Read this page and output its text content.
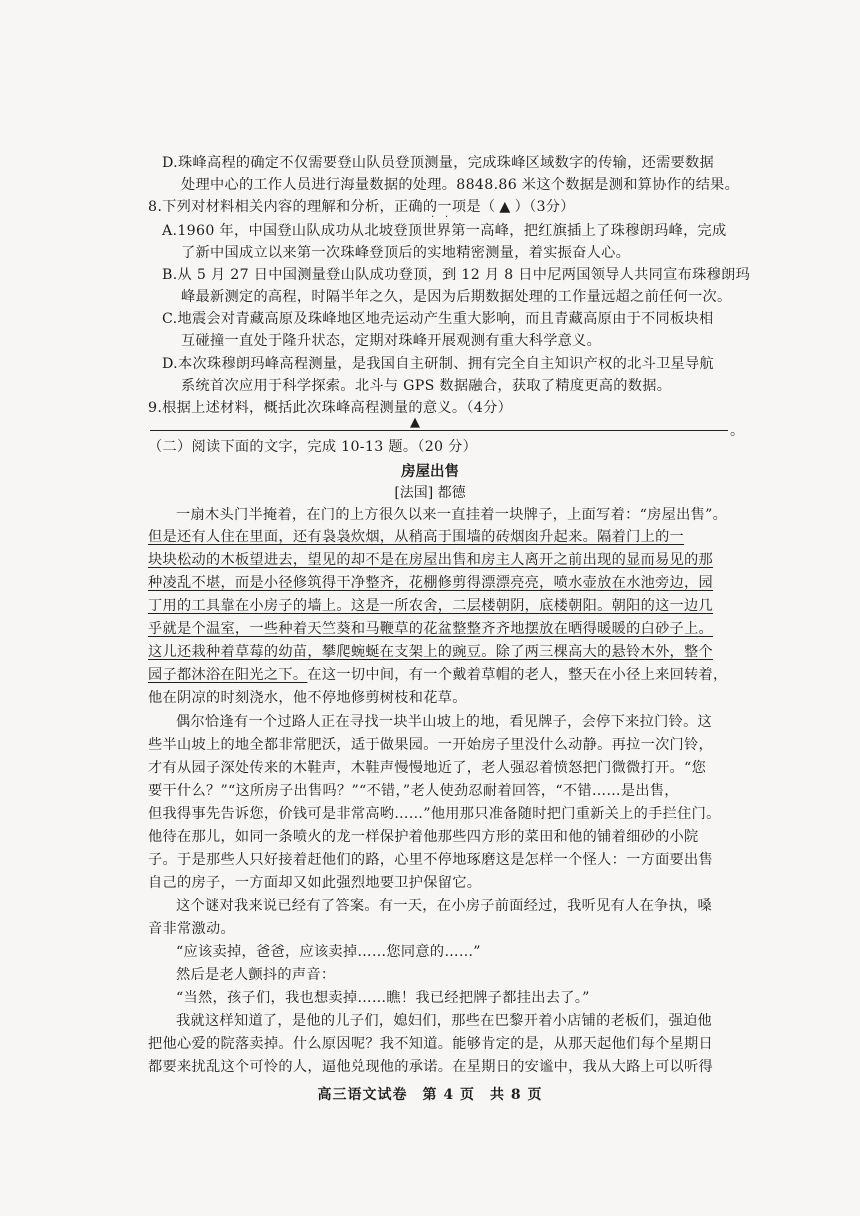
D.珠峰高程的确定不仅需要登山队员登顶测量，完成珠峰区域数字的传输，还需要数据
处理中心的工作人员进行海量数据的处理。8848.86 米这个数据是测和算协作的结果。
8.下列对材料相关内容的理解和分析，正确的一项是（ ▲ ）（3分）
· ·
A.1960 年，中国登山队成功从北坡登顶世界第一高峰，把红旗插上了珠穆朗玛峰，完成
了新中国成立以来第一次珠峰登顶后的实地精密测量，着实振奋人心。
B.从 5 月 27 日中国测量登山队成功登顶，到 12 月 8 日中尼两国领导人共同宣布珠穆朗玛
峰最新测定的高程，时隔半年之久，是因为后期数据处理的工作量远超之前任何一次。
C.地震会对青藏高原及珠峰地区地壳运动产生重大影响，而且青藏高原由于不同板块相
互碰撞一直处于隆升状态，定期对珠峰开展观测有重大科学意义。
D.本次珠穆朗玛峰高程测量，是我国自主研制、拥有完全自主知识产权的北斗卫星导航
系统首次应用于科学探索。北斗与 GPS 数据融合，获取了精度更高的数据。
9.根据上述材料，概括此次珠峰高程测量的意义。（4分）
▲
。
（二）阅读下面的文字，完成 10-13 题。（20 分）
房屋出售
[法国] 都德
一扇木头门半掩着，在门的上方很久以来一直挂着一块牌子，上面写着：“房屋出售”。
但是还有人住在里面，还有袅袅炊烟，从稍高于围墙的砖烟囱升起来。隔着门上的一
块块松动的木板望进去，望见的却不是在房屋出售和房主人离开之前出现的显而易见的那
种凌乱不堪，而是小径修筑得干净整齐，花棚修剪得漂漂亮亮，喷水壶放在水池旁边，园
丁用的工具靠在小房子的墙上。这是一所农舍，二层楼朝阴，底楼朝阳。朝阳的这一边几
乎就是个温室，一些种着天竺葵和马鞭草的花盆整整齐齐地摆放在晒得暖暖的白砂子上。
这儿还栽种着草莓的幼苗，攀爬蜿蜒在支架上的豌豆。除了两三棵高大的悬铃木外，整个
园子都沐浴在阳光之下。在这一切中间，有一个戴着草帽的老人，整天在小径上来回转着，
他在阴凉的时刻浇水，他不停地修剪树枝和花草。
偶尔恰逢有一个过路人正在寻找一块半山坡上的地，看见牌子，会停下来拉门铃。这
些半山坡上的地全都非常肥沃，适于做果园。一开始房子里没什么动静。再拉一次门铃，
才有从园子深处传来的木鞋声，木鞋声慢慢地近了，老人强忍着愤怒把门微微打开。“您
要干什么？”“这所房子出售吗？”“不错，”老人使劲忍耐着回答，“不错……是出售，
但我得事先告诉您，价钱可是非常高哟……”他用那只准备随时把门重新关上的手拦住门。
他待在那儿，如同一条喷火的龙一样保护着他那些四方形的菜田和他的铺着细砂的小院
子。于是那些人只好接着赶他们的路，心里不停地琢磨这是怎样一个怪人：一方面要出售
自己的房子，一方面却又如此强烈地要卫护保留它。
这个谜对我来说已经有了答案。有一天，在小房子前面经过，我听见有人在争执，嗓
音非常激动。
“应该卖掉，爸爸，应该卖掉……您同意的……”
然后是老人颤抖的声音：
“当然，孩子们，我也想卖掉……瞧！我已经把牌子都挂出去了。”
我就这样知道了，是他的儿子们，媳妇们，那些在巴黎开着小店铺的老板们，强迫他
把他心爱的院落卖掉。什么原因呢？我不知道。能够肯定的是，从那天起他们每个星期日
都要来扰乱这个可怜的人，逼他兑现他的承诺。在星期日的安谧中，我从大路上可以听得
高三语文试卷　第 4 页　共 8 页
